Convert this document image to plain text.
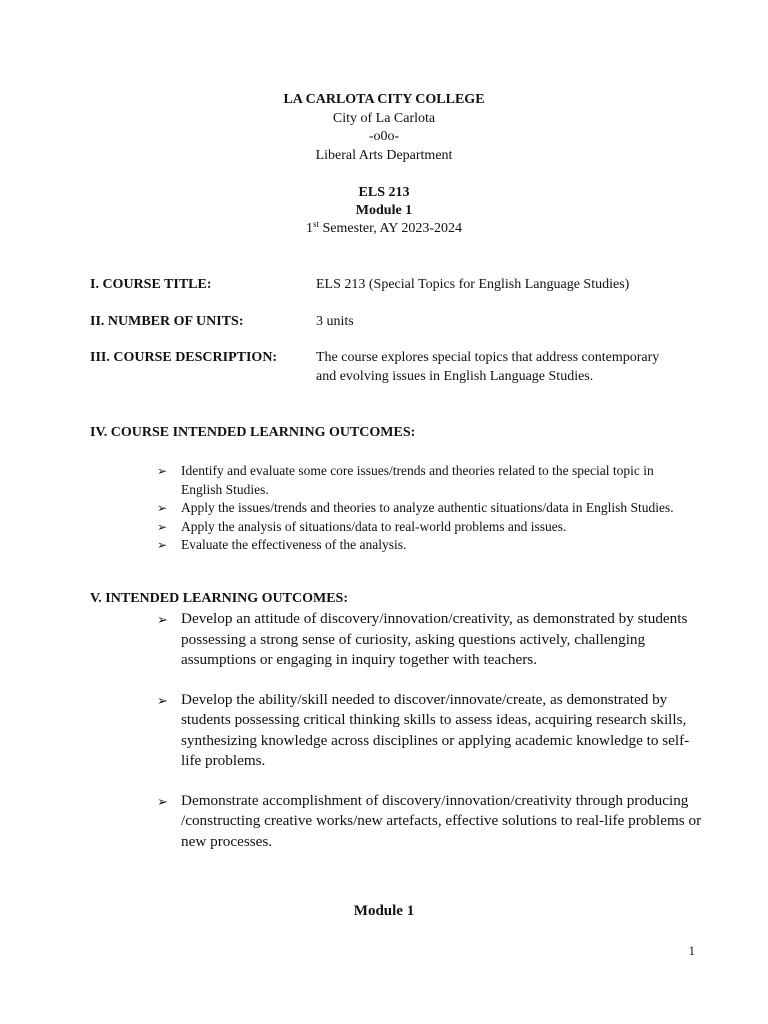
LA CARLOTA CITY COLLEGE
City of La Carlota
-o0o-
Liberal Arts Department
ELS 213
Module 1
1st Semester, AY 2023-2024
I. COURSE TITLE:	ELS 213 (Special Topics for English Language Studies)
II. NUMBER OF UNITS:	3 units
III. COURSE DESCRIPTION:	The course explores special topics that address contemporary
and evolving issues in English Language Studies.
IV. COURSE INTENDED LEARNING OUTCOMES:
➢ Identify and evaluate some core issues/trends and theories related to the special topic in English Studies.
➢ Apply the issues/trends and theories to analyze authentic situations/data in English Studies.
➢ Apply the analysis of situations/data to real-world problems and issues.
➢ Evaluate the effectiveness of the analysis.
V. INTENDED LEARNING OUTCOMES:
➢ Develop an attitude of discovery/innovation/creativity, as demonstrated by students possessing a strong sense of curiosity, asking questions actively, challenging assumptions or engaging in inquiry together with teachers.
➢ Develop the ability/skill needed to discover/innovate/create, as demonstrated by students possessing critical thinking skills to assess ideas, acquiring research skills, synthesizing knowledge across disciplines or applying academic knowledge to self-life problems.
➢ Demonstrate accomplishment of discovery/innovation/creativity through producing /constructing creative works/new artefacts, effective solutions to real-life problems or new processes.
Module 1
1
